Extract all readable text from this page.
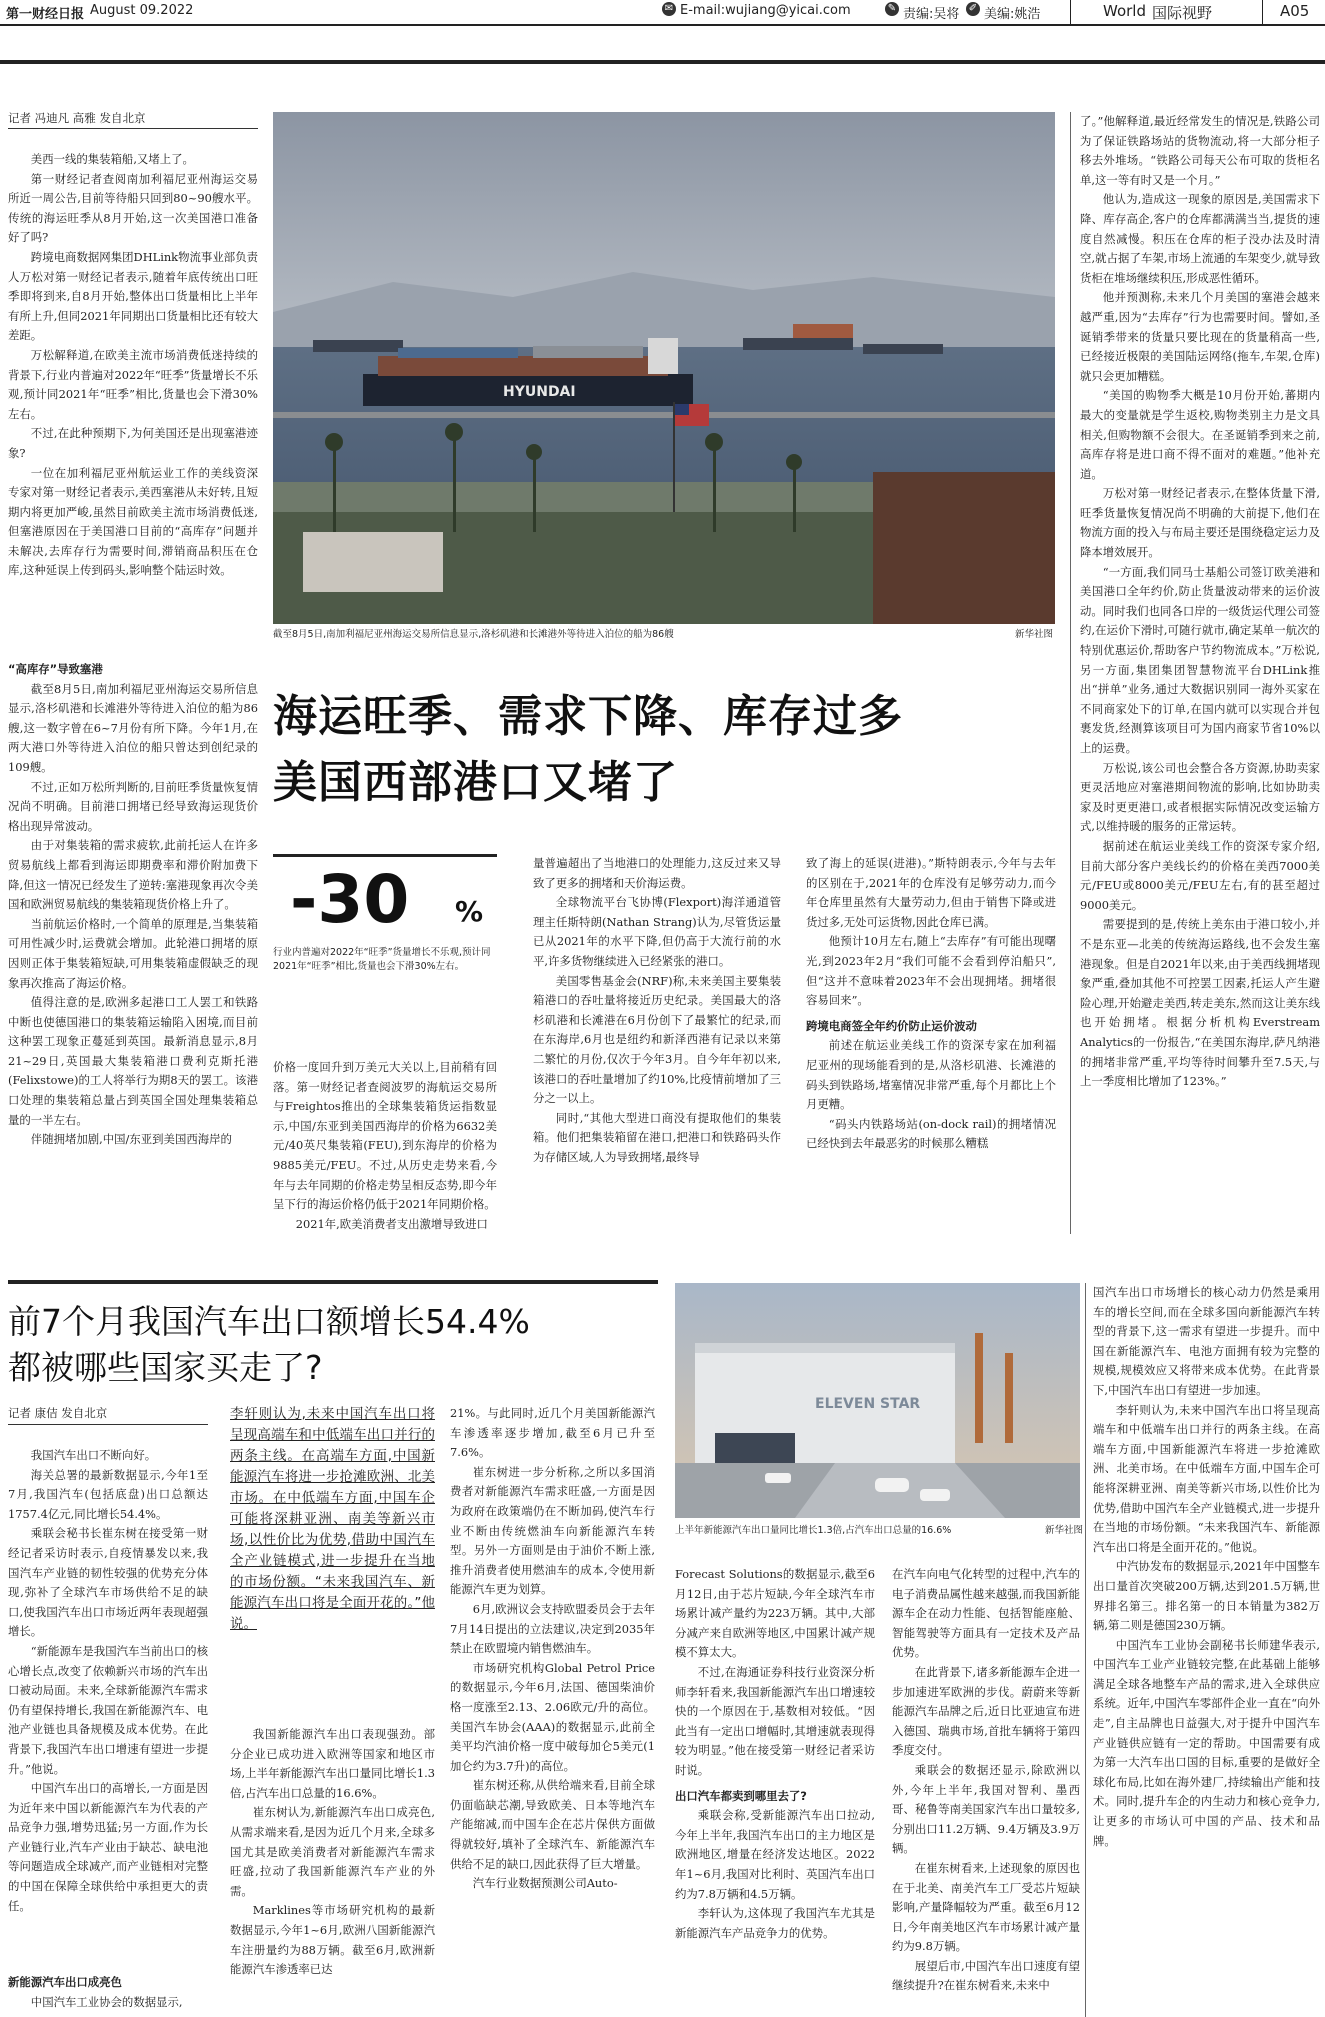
第一财经日报 August 09.2022	✉ E-mail:wujiang@yicai.com	✎ 责编:吴将 ✐ 美编:姚浩	World 国际视野	A05
记者 冯迪凡 高雅 发自北京

美西一线的集装箱船,又堵上了。

第一财经记者查阅南加利福尼亚州海运交易所近一周公告,目前等待船只回到80~90艘水平。传统的海运旺季从8月开始,这一次美国港口准备好了吗?

跨境电商数据网集团DHLink物流事业部负责人万松对第一财经记者表示,随着年底传统出口旺季即将到来,自8月开始,整体出口货量相比上半年有所上升,但同2021年同期出口货量相比还有较大差距。

万松解释道,在欧美主流市场消费低迷持续的背景下,行业内普遍对2022年“旺季”货量增长不乐观,预计同2021年“旺季”相比,货量也会下滑30%左右。

不过,在此种预期下,为何美国还是出现塞港迹象?

一位在加利福尼亚州航运业工作的美线资深专家对第一财经记者表示,美西塞港从未好转,且短期内将更加严峻,虽然目前欧美主流市场消费低迷,但塞港原因在于美国港口目前的“高库存”问题并未解决,去库存行为需要时间,滞销商品积压在仓库,这种延误上传到码头,影响整个陆运时效。

“高库存”导致塞港

截至8月5日,南加利福尼亚州海运交易所信息显示,洛杉矶港和长滩港外等待进入泊位的船为86艘,这一数字曾在6~7月份有所下降。今年1月,在两大港口外等待进入泊位的船只曾达到创纪录的109艘。

不过,正如万松所判断的,目前旺季货量恢复情况尚不明确。目前港口拥堵已经导致海运现货价格出现异常波动。

由于对集装箱的需求疲软,此前托运人在许多贸易航线上都看到海运即期费率和滞价附加费下降,但这一情况已经发生了逆转:塞港现象再次令美国和欧洲贸易航线的集装箱现货价格上升了。

当前航运价格时,一个简单的原理是,当集装箱可用性减少时,运费就会增加。此轮港口拥堵的原因则正体于集装箱短缺,可用集装箱虚假缺乏的现象再次推高了海运价格。

值得注意的是,欧洲多起港口工人罢工和铁路中断也使德国港口的集装箱运输陷入困境,而目前这种罢工现象正蔓延到英国。最新消息显示,8月21~29日,英国最大集装箱港口费利克斯托港(Felixstowe)的工人将举行为期8天的罢工。该港口处理的集装箱总量占到英国全国处理集装箱总量的一半左右。

伴随拥堵加剧,中国/东亚到美国西海岸的

HYUNDAI
截至8月5日,南加利福尼亚州海运交易所信息显示,洛杉矶港和长滩港外等待进入泊位的船为86艘	新华社图
海运旺季、需求下降、库存过多
美国西部港口又堵了
-30 %
行业内普遍对2022年“旺季”货量增长不乐观,预计同2021年“旺季”相比,货量也会下滑30%左右。

价格一度回升到万美元大关以上,目前稍有回落。第一财经记者查阅波罗的海航运交易所与Freightos推出的全球集装箱货运指数显示,中国/东亚到美国西海岸的价格为6632美元/40英尺集装箱(FEU),到东海岸的价格为9885美元/FEU。不过,从历史走势来看,今年与去年同期的价格走势呈相反态势,即今年呈下行的海运价格仍低于2021年同期价格。

2021年,欧美消费者支出激增导致进口

量普遍超出了当地港口的处理能力,这反过来又导致了更多的拥堵和天价海运费。

全球物流平台飞协博(Flexport)海洋通道管理主任斯特朗(Nathan Strang)认为,尽管货运量已从2021年的水平下降,但仍高于大流行前的水平,许多货物继续进入已经紧张的港口。

美国零售基金会(NRF)称,未来美国主要集装箱港口的吞吐量将接近历史纪录。美国最大的洛杉矶港和长滩港在6月份创下了最繁忙的纪录,而在东海岸,6月也是纽约和新泽西港有记录以来第二繁忙的月份,仅次于今年3月。自今年年初以来,该港口的吞吐量增加了约10%,比疫情前增加了三分之一以上。

同时,“其他大型进口商没有提取他们的集装箱。他们把集装箱留在港口,把港口和铁路码头作为存储区域,人为导致拥堵,最终导

致了海上的延误(进港)。”斯特朗表示,今年与去年的区别在于,2021年的仓库没有足够劳动力,而今年仓库里虽然有大量劳动力,但由于销售下降或进货过多,无处可运货物,因此仓库已满。

他预计10月左右,随上“去库存”有可能出现曙光,到2023年2月“我们可能不会看到停泊船只”,但“这并不意味着2023年不会出现拥堵。拥堵很容易回来”。

跨境电商签全年约价防止运价波动

前述在航运业美线工作的资深专家在加利福尼亚州的现场能看到的是,从洛杉矶港、长滩港的码头到铁路场,堵塞情况非常严重,每个月都比上个月更糟。

“码头内铁路场站(on-dock rail)的拥堵情况已经快到去年最恶劣的时候那么糟糕

了。”他解释道,最近经常发生的情况是,铁路公司为了保证铁路场站的货物流动,将一大部分柜子移去外堆场。“铁路公司每天公布可取的货柜名单,这一等有时又是一个月。”

他认为,造成这一现象的原因是,美国需求下降、库存高企,客户的仓库都满满当当,提货的速度自然减慢。积压在仓库的柜子没办法及时清空,就占据了车架,市场上流通的车架变少,就导致货柜在堆场继续积压,形成恶性循环。

他并预测称,未来几个月美国的塞港会越来越严重,因为“去库存”行为也需要时间。譬如,圣诞销季带来的货量只要比现在的货量稍高一些,已经接近极限的美国陆运网络(拖车,车架,仓库)就只会更加糟糕。

“美国的购物季大概是10月份开始,蕃期内最大的变量就是学生返校,购物类别主力是文具相关,但购物额不会很大。在圣诞销季到来之前,高库存将是进口商不得不面对的难题。”他补充道。

万松对第一财经记者表示,在整体货量下滑,旺季货量恢复情况尚不明确的大前提下,他们在物流方面的投入与布局主要还是围绕稳定运力及降本增效展开。

“一方面,我们同马士基船公司签订欧美港和美国港口全年约价,防止货量波动带来的运价波动。同时我们也同各口岸的一级货运代理公司签约,在运价下滑时,可随行就市,确定某单一航次的特别优惠运价,帮助客户节约物流成本。”万松说,另一方面,集团集团智慧物流平台DHLink推出“拼单”业务,通过大数据识别同一海外买家在不同商家处下的订单,在国内就可以实现合并包裹发货,经测算该项目可为国内商家节省10%以上的运费。

万松说,该公司也会整合各方资源,协助卖家更灵活地应对塞港期间物流的影响,比如协助卖家及时更更港口,或者根据实际情况改变运输方式,以维持暖的服务的正常运转。

据前述在航运业美线工作的资深专家介绍,目前大部分客户美线长约的价格在美西7000美元/FEU或8000美元/FEU左右,有的甚至超过9000美元。

需要提到的是,传统上美东由于港口较小,并不是东亚—北美的传统海运路线,也不会发生塞港现象。但是自2021年以来,由于美西线拥堵现象严重,叠加其他不可控罢工因素,托运人产生避险心理,开始避走美西,转走美东,然而这让美东线也开始拥堵。根据分析机构Everstream Analytics的一份报告,“在美国东海岸,萨凡纳港的拥堵非常严重,平均等待时间攀升至7.5天,与上一季度相比增加了123%。”

前7个月我国汽车出口额增长54.4%
都被哪些国家买走了?
记者 康佶 发自北京
ELEVEN STAR
上半年新能源汽车出口量同比增长1.3倍,占汽车出口总量的16.6%	新华社图

我国汽车出口不断向好。

海关总署的最新数据显示,今年1至7月,我国汽车(包括底盘)出口总额达1757.4亿元,同比增长54.4%。

乘联会秘书长崔东树在接受第一财经记者采访时表示,自疫情暴发以来,我国汽车产业链的韧性较强的优势充分体现,弥补了全球汽车市场供给不足的缺口,使我国汽车出口市场近两年表现超强增长。

“新能源车是我国汽车当前出口的核心增长点,改变了依赖新兴市场的汽车出口被动局面。未来,全球新能源汽车需求仍有望保持增长,我国在新能源汽车、电池产业链也具备规模及成本优势。在此背景下,我国汽车出口增速有望进一步提升。”他说。

中国汽车出口的高增长,一方面是因为近年来中国以新能源汽车为代表的产品竞争力强,增势迅猛;另一方面,作为长产业链行业,汽车产业由于缺芯、缺电池等问题造成全球减产,而产业链相对完整的中国在保障全球供给中承担更大的责任。

新能源汽车出口成亮色

中国汽车工业协会的数据显示,

李轩则认为,未来中国汽车出口将呈现高端车和中低端车出口并行的两条主线。在高端车方面,中国新能源汽车将进一步抢滩欧洲、北美市场。在中低端车方面,中国车企可能将深耕亚洲、南美等新兴市场,以性价比为优势,借助中国汽车全产业链模式,进一步提升在当地的市场份额。“未来我国汽车、新能源汽车出口将是全面开花的。”他说。

我国新能源汽车出口表现强劲。部分企业已成功进入欧洲等国家和地区市场,上半年新能源汽车出口量同比增长1.3倍,占汽车出口总量的16.6%。

崔东树认为,新能源汽车出口成亮色,从需求端来看,是因为近几个月来,全球多国尤其是欧美消费者对新能源汽车需求旺盛,拉动了我国新能源汽车产业的外需。

Marklines等市场研究机构的最新数据显示,今年1~6月,欧洲八国新能源汽车注册量约为88万辆。截至6月,欧洲新能源汽车渗透率已达

21%。与此同时,近几个月美国新能源汽车渗透率逐步增加,截至6月已升至7.6%。

崔东树进一步分析称,之所以多国消费者对新能源汽车需求旺盛,一方面是因为政府在政策端仍在不断加码,使汽车行业不断由传统燃油车向新能源汽车转型。另外一方面则是由于油价不断上涨,推升消费者使用燃油车的成本,令使用新能源汽车更为划算。

6月,欧洲议会支持欧盟委员会于去年7月14日提出的立法建议,决定到2035年禁止在欧盟境内销售燃油车。

市场研究机构Global Petrol Price的数据显示,今年6月,法国、德国柴油价格一度涨至2.13、2.06欧元/升的高位。美国汽车协会(AAA)的数据显示,此前全美平均汽油价格一度中破每加仑5美元(1加仑约为3.7升)的高位。

崔东树还称,从供给端来看,目前全球仍面临缺芯潮,导致欧美、日本等地汽车产能缩减,而中国车企在芯片保供方面做得就较好,填补了全球汽车、新能源汽车供给不足的缺口,因此获得了巨大增量。

汽车行业数据预测公司Auto-

Forecast Solutions的数据显示,截至6月12日,由于芯片短缺,今年全球汽车市场累计减产量约为223万辆。其中,大部分减产来自欧洲等地区,中国累计减产规模不算太大。

不过,在海通证券科技行业资深分析师李轩看来,我国新能源汽车出口增速较快的一个原因在于,基数相对较低。“因此当有一定出口增幅时,其增速就表现得较为明显。”他在接受第一财经记者采访时说。

出口汽车都卖到哪里去了?

乘联会称,受新能源汽车出口拉动,今年上半年,我国汽车出口的主力地区是欧洲地区,增量在经济发达地区。2022年1~6月,我国对比利时、英国汽车出口约为7.8万辆和4.5万辆。

李轩认为,这体现了我国汽车尤其是新能源汽车产品竞争力的优势。

在汽车向电气化转型的过程中,汽车的电子消费品属性越来越强,而我国新能源车企在动力性能、包括智能座舱、智能驾驶等方面具有一定技术及产品优势。

在此背景下,诸多新能源车企进一步加速进军欧洲的步伐。蔚蔚来等新能源汽车品牌之后,近日比亚迪宣布进入德国、瑞典市场,首批车辆将于第四季度交付。

乘联会的数据还显示,除欧洲以外,今年上半年,我国对智利、墨西哥、秘鲁等南美国家汽车出口量较多,分别出口11.2万辆、9.4万辆及3.9万辆。

在崔东树看来,上述现象的原因也在于北美、南美汽车工厂受芯片短缺影响,产量降幅较为严重。截至6月12日,今年南美地区汽车市场累计减产量约为9.8万辆。

展望后市,中国汽车出口速度有望继续提升?在崔东树看来,未来中

国汽车出口市场增长的核心动力仍然是乘用车的增长空间,而在全球多国向新能源汽车转型的背景下,这一需求有望进一步提升。而中国在新能源汽车、电池方面拥有较为完整的规模,规模效应又将带来成本优势。在此背景下,中国汽车出口有望进一步加速。

李轩则认为,未来中国汽车出口将呈现高端车和中低端车出口并行的两条主线。在高端车方面,中国新能源汽车将进一步抢滩欧洲、北美市场。在中低端车方面,中国车企可能将深耕亚洲、南美等新兴市场,以性价比为优势,借助中国汽车全产业链模式,进一步提升在当地的市场份额。“未来我国汽车、新能源汽车出口将是全面开花的。”他说。

中汽协发布的数据显示,2021年中国整车出口量首次突破200万辆,达到201.5万辆,世界排名第三。排名第一的日本销量为382万辆,第二则是德国230万辆。

中国汽车工业协会副秘书长师建华表示,中国汽车工业产业链较完整,在此基础上能够满足全球各地整车产品的需求,进入全球供应系统。近年,中国汽车零部件企业一直在“向外走”,自主品牌也日益强大,对于提升中国汽车产业链供应链有一定的帮助。中国需要有成为第一大汽车出口国的目标,重要的是做好全球化布局,比如在海外建厂,持续输出产能和技术。同时,提升车企的内生动力和核心竞争力,让更多的市场认可中国的产品、技术和品牌。
